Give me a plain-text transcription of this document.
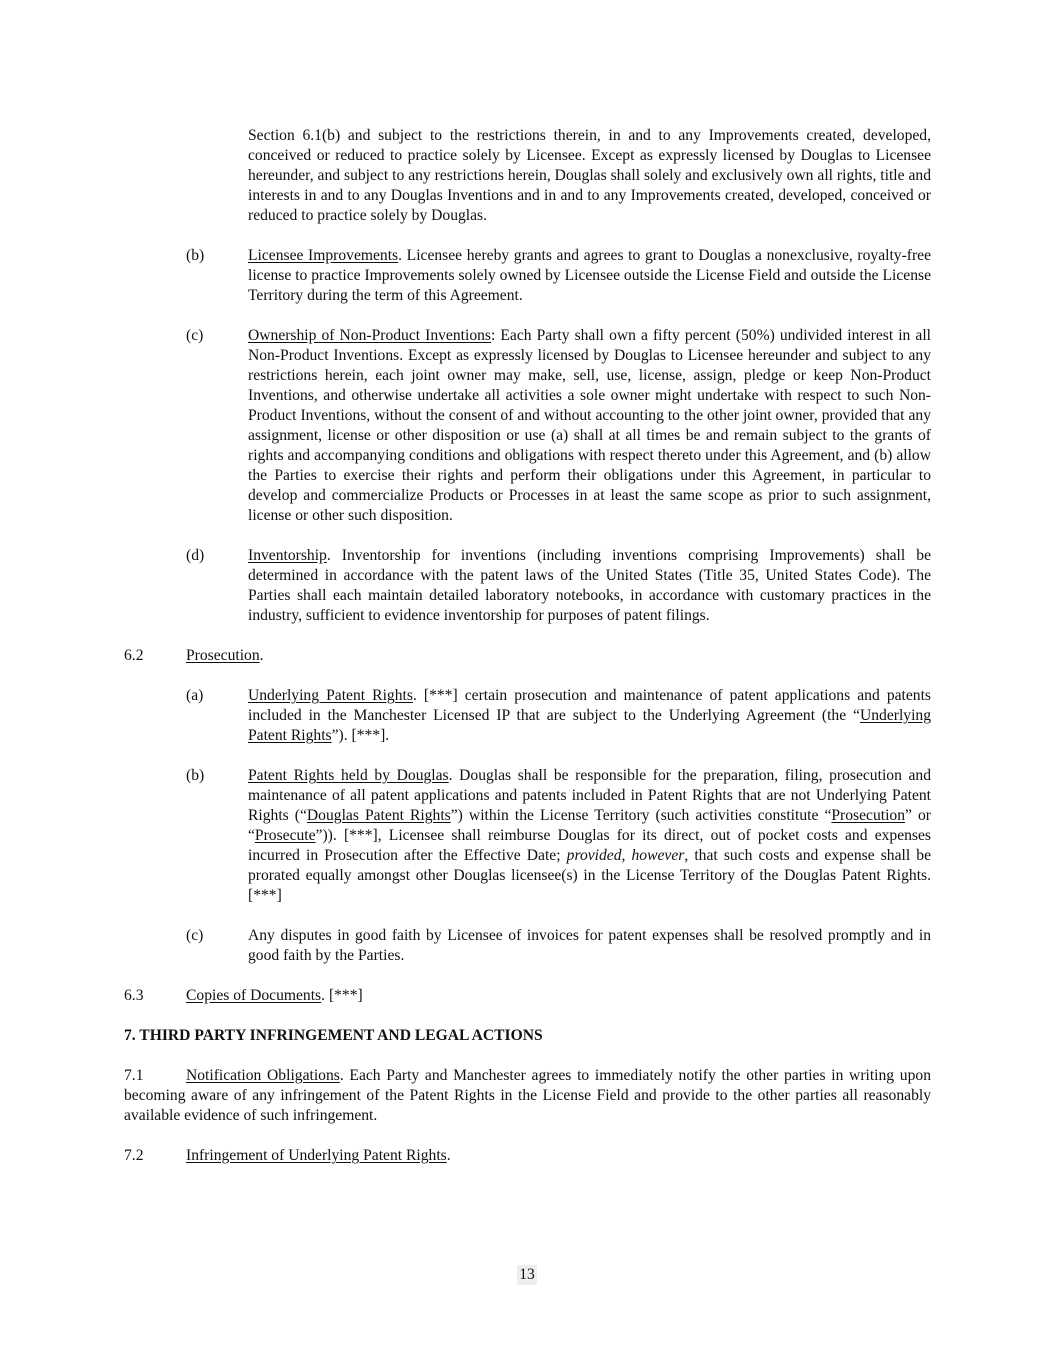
Section 6.1(b) and subject to the restrictions therein, in and to any Improvements created, developed, conceived or reduced to practice solely by Licensee. Except as expressly licensed by Douglas to Licensee hereunder, and subject to any restrictions herein, Douglas shall solely and exclusively own all rights, title and interests in and to any Douglas Inventions and in and to any Improvements created, developed, conceived or reduced to practice solely by Douglas.
(b)	Licensee Improvements. Licensee hereby grants and agrees to grant to Douglas a nonexclusive, royalty-free license to practice Improvements solely owned by Licensee outside the License Field and outside the License Territory during the term of this Agreement.
(c)	Ownership of Non-Product Inventions: Each Party shall own a fifty percent (50%) undivided interest in all Non-Product Inventions. Except as expressly licensed by Douglas to Licensee hereunder and subject to any restrictions herein, each joint owner may make, sell, use, license, assign, pledge or keep Non-Product Inventions, and otherwise undertake all activities a sole owner might undertake with respect to such Non-Product Inventions, without the consent of and without accounting to the other joint owner, provided that any assignment, license or other disposition or use (a) shall at all times be and remain subject to the grants of rights and accompanying conditions and obligations with respect thereto under this Agreement, and (b) allow the Parties to exercise their rights and perform their obligations under this Agreement, in particular to develop and commercialize Products or Processes in at least the same scope as prior to such assignment, license or other such disposition.
(d)	Inventorship. Inventorship for inventions (including inventions comprising Improvements) shall be determined in accordance with the patent laws of the United States (Title 35, United States Code). The Parties shall each maintain detailed laboratory notebooks, in accordance with customary practices in the industry, sufficient to evidence inventorship for purposes of patent filings.
6.2	Prosecution.
(a)	Underlying Patent Rights. [***] certain prosecution and maintenance of patent applications and patents included in the Manchester Licensed IP that are subject to the Underlying Agreement (the “Underlying Patent Rights”). [***].
(b)	Patent Rights held by Douglas. Douglas shall be responsible for the preparation, filing, prosecution and maintenance of all patent applications and patents included in Patent Rights that are not Underlying Patent Rights (“Douglas Patent Rights”) within the License Territory (such activities constitute “Prosecution” or “Prosecute”)). [***], Licensee shall reimburse Douglas for its direct, out of pocket costs and expenses incurred in Prosecution after the Effective Date; provided, however, that such costs and expense shall be prorated equally amongst other Douglas licensee(s) in the License Territory of the Douglas Patent Rights. [***]
(c)	Any disputes in good faith by Licensee of invoices for patent expenses shall be resolved promptly and in good faith by the Parties.
6.3	Copies of Documents. [***]
7. THIRD PARTY INFRINGEMENT AND LEGAL ACTIONS
7.1	Notification Obligations. Each Party and Manchester agrees to immediately notify the other parties in writing upon becoming aware of any infringement of the Patent Rights in the License Field and provide to the other parties all reasonably available evidence of such infringement.
7.2	Infringement of Underlying Patent Rights.
13
